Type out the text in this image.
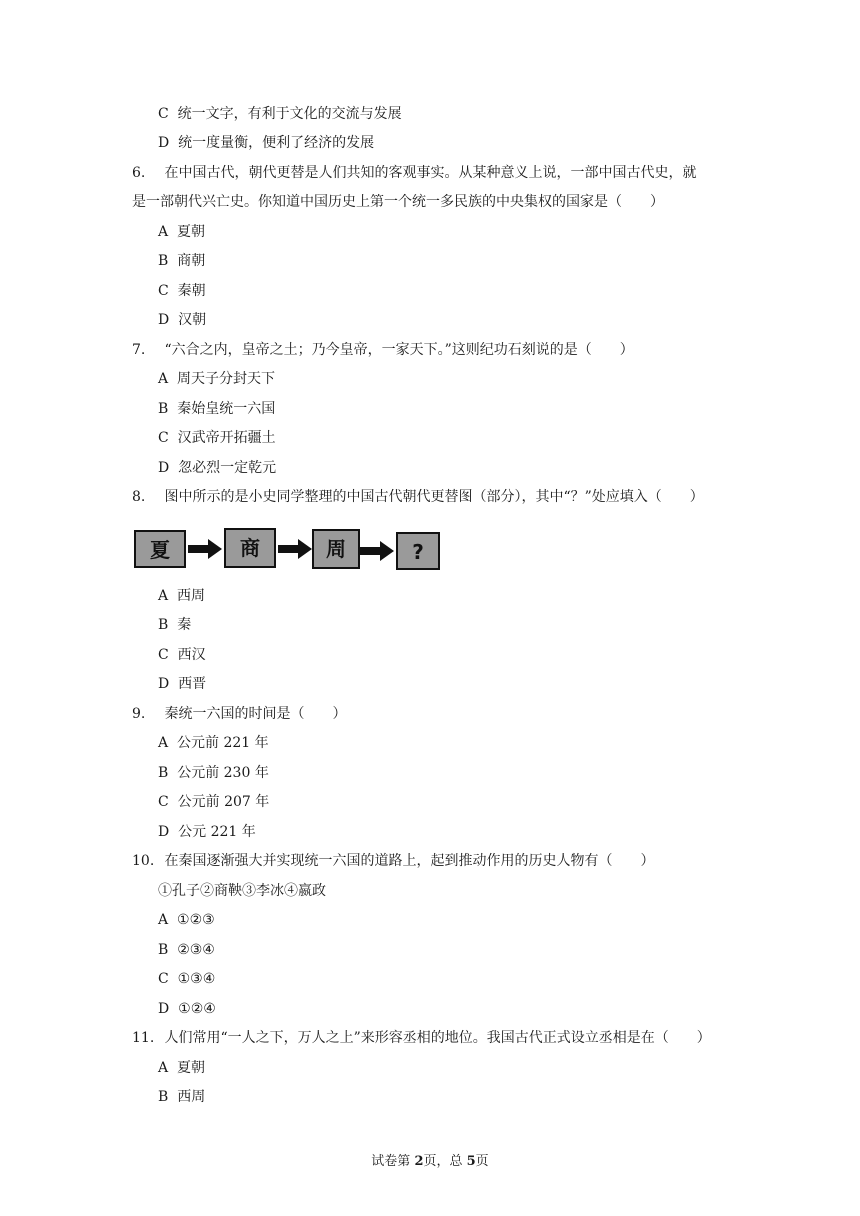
C 统一文字，有利于文化的交流与发展
D 统一度量衡，便利了经济的发展
6. 在中国古代，朝代更替是人们共知的客观事实。从某种意义上说，一部中国古代史，就
是一部朝代兴亡史。你知道中国历史上第一个统一多民族的中央集权的国家是（　　）
A 夏朝
B 商朝
C 秦朝
D 汉朝
7. “六合之内，皇帝之土；乃今皇帝，一家天下。”这则纪功石刻说的是（　　）
A 周天子分封天下
B 秦始皇统一六国
C 汉武帝开拓疆土
D 忽必烈一定乾元
8. 图中所示的是小史同学整理的中国古代朝代更替图（部分），其中“？”处应填入（　　）
夏	商	周	?
A 西周
B 秦
C 西汉
D 西晋
9. 秦统一六国的时间是（　　）
A 公元前 221 年
B 公元前 230 年
C 公元前 207 年
D 公元 221 年
10. 在秦国逐渐强大并实现统一六国的道路上，起到推动作用的历史人物有（　　）
①孔子②商鞅③李冰④嬴政
A ①②③
B ②③④
C ①③④
D ①②④
11. 人们常用“一人之下，万人之上”来形容丞相的地位。我国古代正式设立丞相是在（　　）
A 夏朝
B 西周
试卷第 2页，总 5页
